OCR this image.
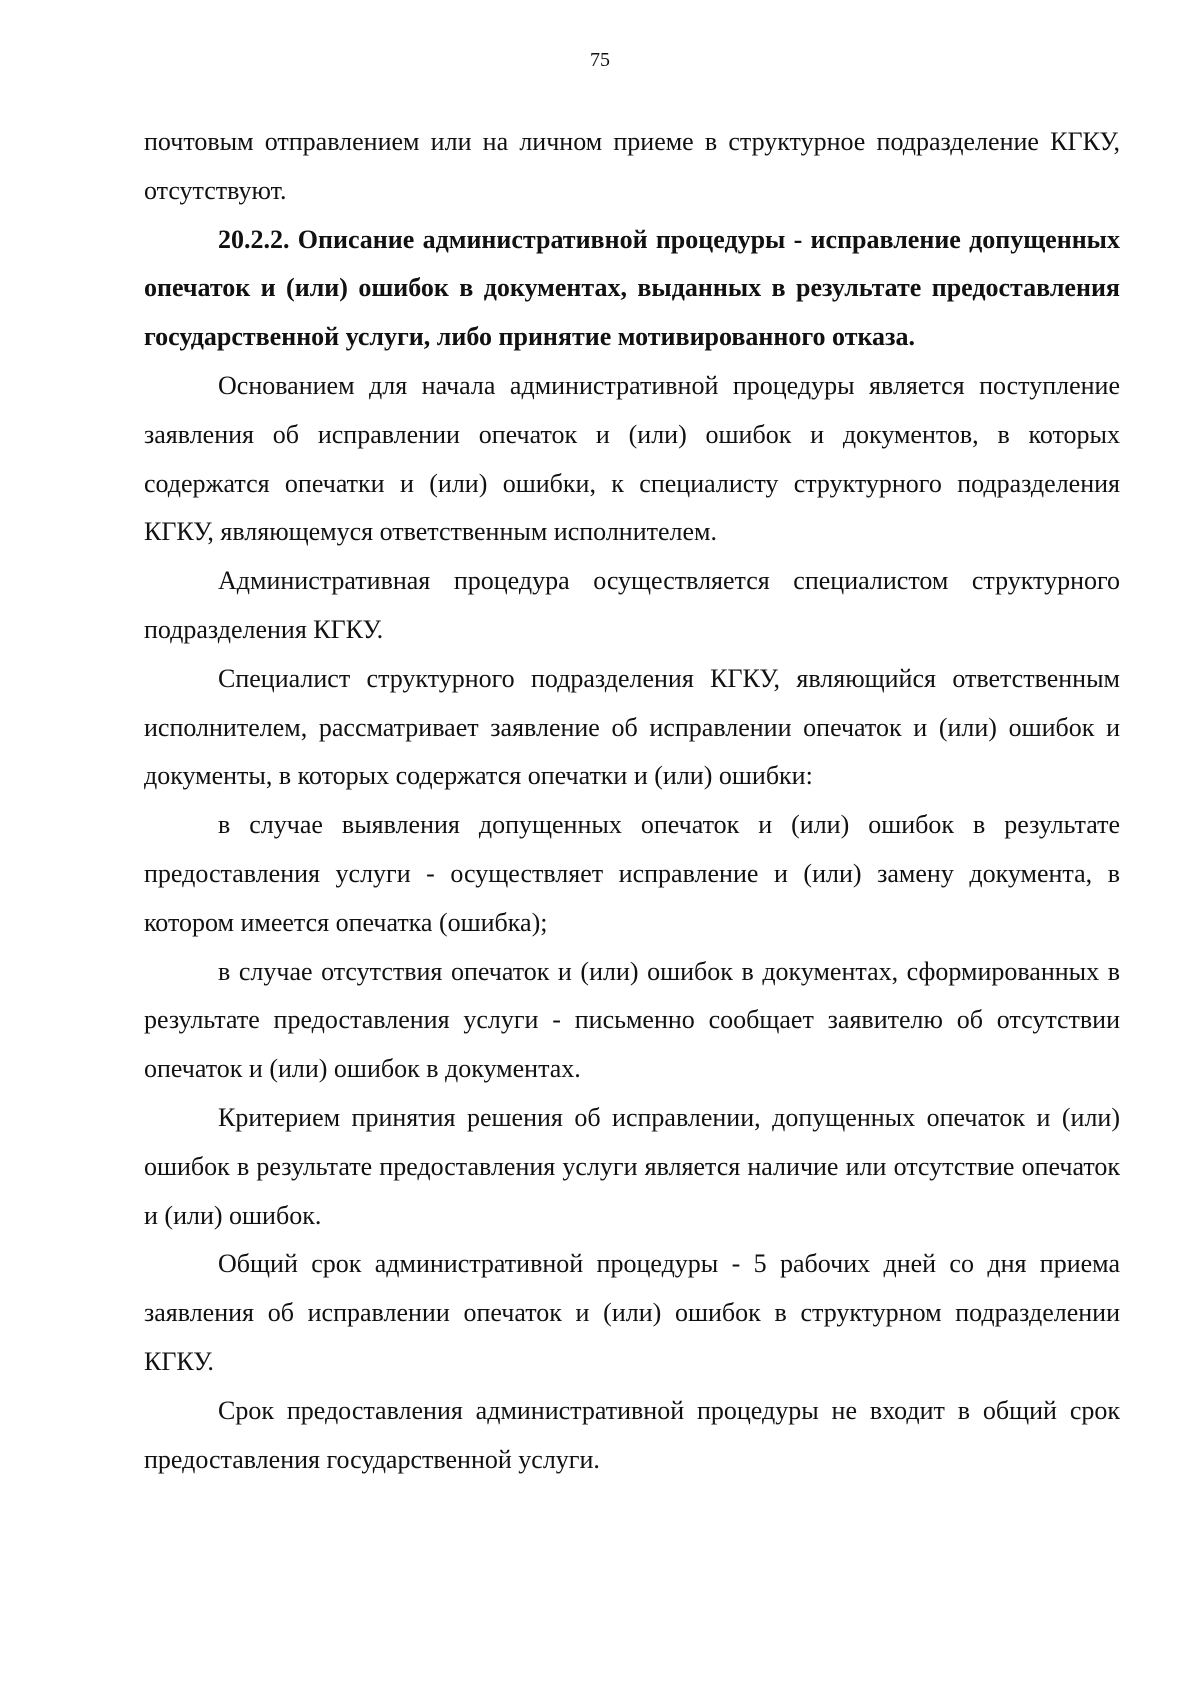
75

почтовым отправлением или на личном приеме в структурное подразделение КГКУ, отсутствуют.

20.2.2. Описание административной процедуры - исправление допущенных опечаток и (или) ошибок в документах, выданных в результате предоставления государственной услуги, либо принятие мотивированного отказа.

Основанием для начала административной процедуры является поступление заявления об исправлении опечаток и (или) ошибок и документов, в которых содержатся опечатки и (или) ошибки, к специалисту структурного подразделения КГКУ, являющемуся ответственным исполнителем.

Административная процедура осуществляется специалистом структурного подразделения КГКУ.

Специалист структурного подразделения КГКУ, являющийся ответственным исполнителем, рассматривает заявление об исправлении опечаток и (или) ошибок и документы, в которых содержатся опечатки и (или) ошибки:

в случае выявления допущенных опечаток и (или) ошибок в результате предоставления услуги - осуществляет исправление и (или) замену документа, в котором имеется опечатка (ошибка);

в случае отсутствия опечаток и (или) ошибок в документах, сформированных в результате предоставления услуги - письменно сообщает заявителю об отсутствии опечаток и (или) ошибок в документах.

Критерием принятия решения об исправлении, допущенных опечаток и (или) ошибок в результате предоставления услуги является наличие или отсутствие опечаток и (или) ошибок.

Общий срок административной процедуры - 5 рабочих дней со дня приема заявления об исправлении опечаток и (или) ошибок в структурном подразделении КГКУ.

Срок предоставления административной процедуры не входит в общий срок предоставления государственной услуги.
